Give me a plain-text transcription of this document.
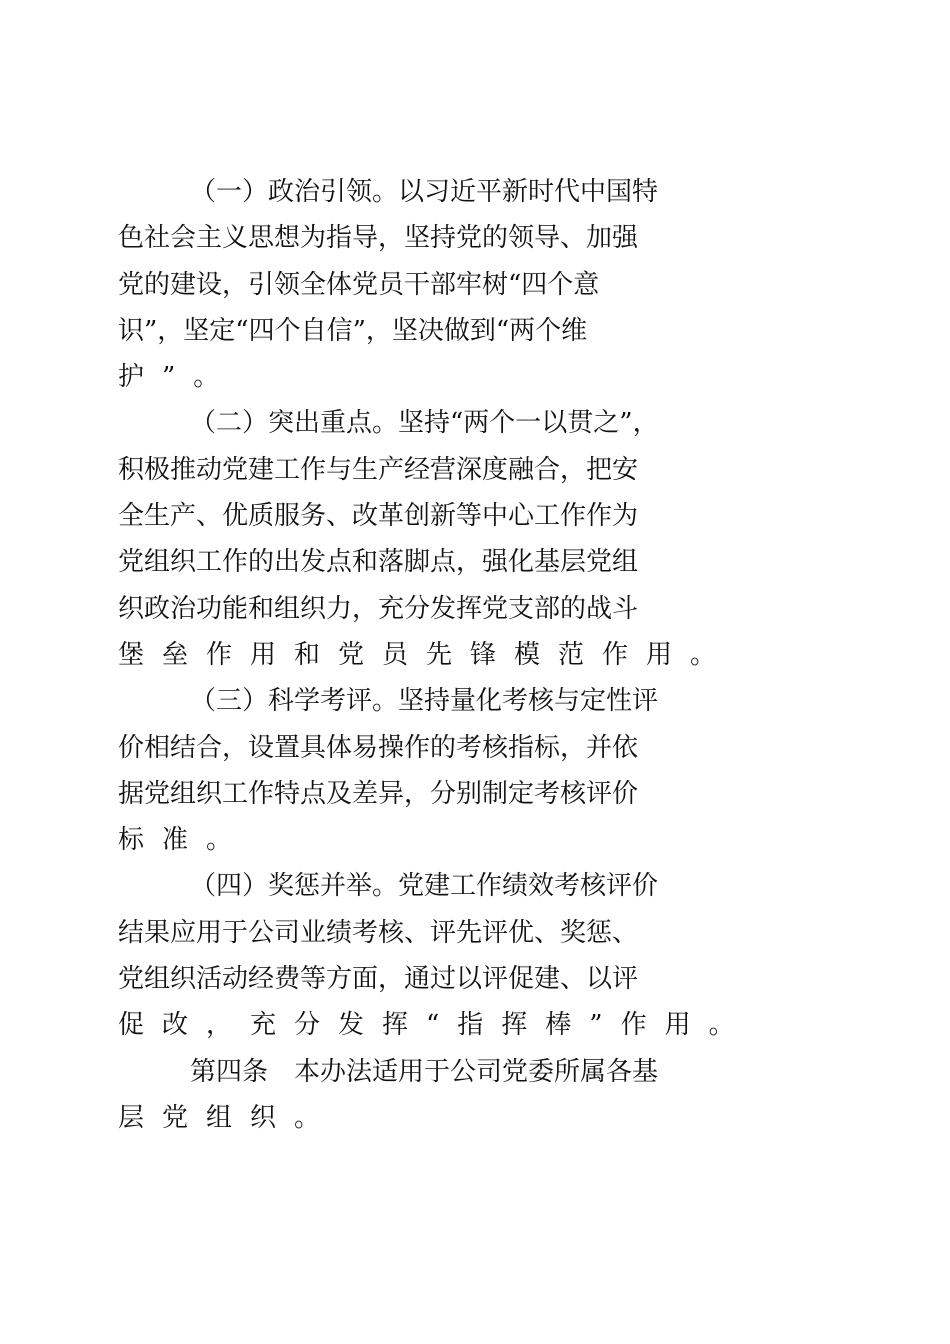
（一）政治引领。以习近平新时代中国特
色社会主义思想为指导，坚持党的领导、加强
党的建设，引领全体党员干部牢树“四个意
识”，坚定“四个自信”，坚决做到“两个维
护”。
（二）突出重点。坚持“两个一以贯之”，
积极推动党建工作与生产经营深度融合，把安
全生产、优质服务、改革创新等中心工作作为
党组织工作的出发点和落脚点，强化基层党组
织政治功能和组织力，充分发挥党支部的战斗
堡垒作用和党员先锋模范作用。
（三）科学考评。坚持量化考核与定性评
价相结合，设置具体易操作的考核指标，并依
据党组织工作特点及差异，分别制定考核评价
标准。
（四）奖惩并举。党建工作绩效考核评价
结果应用于公司业绩考核、评先评优、奖惩、
党组织活动经费等方面，通过以评促建、以评
促改，充分发挥“指挥棒”作用。
第四条　本办法适用于公司党委所属各基
层党组织。
